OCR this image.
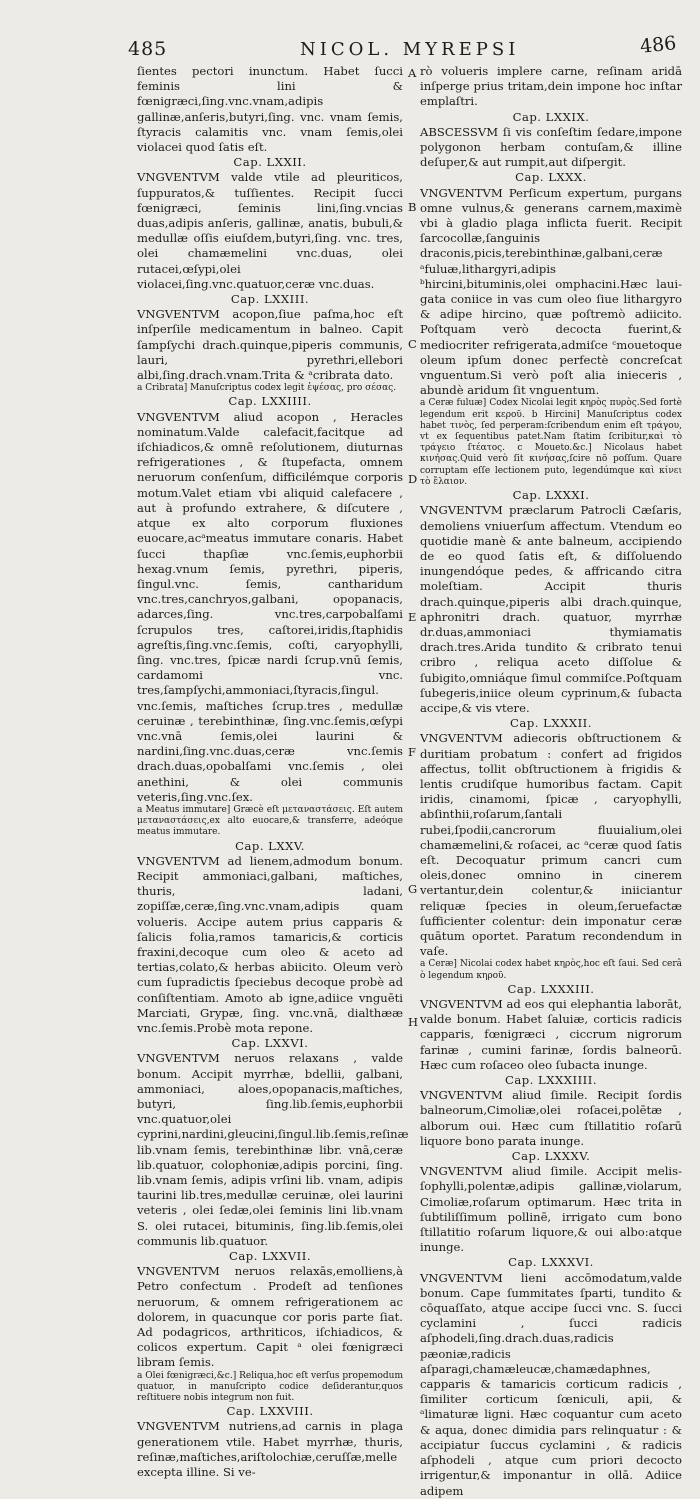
485	NICOL. MYREPSI	486

ſientes pectori inunctum. Habet ſucci feminis lini & fœnigræci,ſing.vnc.vnam,adipis gallinæ,anſeris,butyri,ſing. vnc. vnam ſemis, ſtyracis calamitis vnc. vnam ſemis,olei violacei quod ſatis eſt.

Cap. LXXII.

VNGVENTVM valde vtile ad pleuriticos, ſuppuratos,& tuſſientes. Recipit ſucci fœnigræci, ſeminis lini,ſing.vncias duas,adipis anſeris, gallinæ, anatis, bubuli,& medullæ oſſis eiuſdem,butyri,ſing. vnc. tres, olei chamæmelini vnc.duas, olei rutacei,œſypi,olei violacei,ſing.vnc.quatuor,ceræ vnc.duas.

Cap. LXXIII.

VNGVENTVM acopon,ſiue paſma,hoc eſt inſperſile medicamentum in balneo. Capit ſampſychi drach.quinque,piperis communis, lauri, pyrethri,ellebori albi,ſing.drach.vnam.Trita & ᵃcribrata dato.

a Cribrata] Manuſcriptus codex legit ἑψέσας, pro σέσας.

Cap. LXXIIII.

VNGVENTVM aliud acopon , Heracles nominatum.Valde calefacit,facitque ad iſchiadicos,& omnē reſolutionem, diuturnas refrigerationes , & ſtupefacta, omnem neruorum conſenſum, difficilémque corporis motum.Valet etiam vbi aliquid calefacere , aut à profundo extrahere, & diſcutere , atque ex alto corporum fluxiones euocare,acᵃmeatus immutare conaris. Habet ſucci thapſiæ vnc.ſemis,euphorbii hexag.vnum ſemis, pyrethri, piperis, ſingul.vnc. ſemis, cantharidum vnc.tres,canchryos,galbani, opopanacis, adarces,ſing. vnc.tres,carpobalſami ſcrupulos tres, caſtorei,iridis,ſtaphidis agreſtis,ſing.vnc.ſemis, coſti, caryophylli, ſing. vnc.tres, ſpicæ nardi ſcrup.vnū ſemis, cardamomi vnc. tres,ſampſychi,ammoniaci,ſtyracis,ſingul. vnc.ſemis, maſtiches ſcrup.tres , medullæ ceruinæ , terebinthinæ, ſing.vnc.ſemis,œſypi vnc.vnā ſemis,olei laurini & nardini,ſing.vnc.duas,ceræ vnc.ſemis drach.duas,opobalſami vnc.ſemis , olei anethini, & olei communis veteris,ſing.vnc.ſex.

a Meatus immutare] Græcè eſt μεταναστάσεις. Eſt autem μεταναστάσεις,ex alto euocare,& transferre, adeóque meatus immutare.

Cap. LXXV.

VNGVENTVM ad lienem,admodum bonum. Recipit ammoniaci,galbani, maſtiches, thuris, ladani, zopiſſæ,ceræ,ſing.vnc.vnam,adipis quam volueris. Accipe autem prius capparis & ſalicis folia,ramos tamaricis,& corticis fraxini,decoque cum oleo & aceto ad tertias,colato,& herbas abiicito. Oleum verò cum ſupradictis ſpeciebus decoque probè ad conſiſtentiam. Amoto ab igne,adiice vnguēti Marciati, Grypæ, ſing. vnc.vnā, dialthææ vnc.ſemis.Probè mota repone.

Cap. LXXVI.

VNGVENTVM neruos relaxans , valde bonum. Accipit myrrhæ, bdellii, galbani, ammoniaci, aloes,opopanacis,maſtiches, butyri, ſing.lib.ſemis,euphorbii vnc.quatuor,olei cyprini,nardini,gleucini,ſingul.lib.ſemis,reſinæ lib.vnam ſemis, terebinthinæ libr. vnā,ceræ lib.quatuor, colophoniæ,adipis porcini, ſing. lib.vnam ſemis, adipis vrſini lib. vnam, adipis taurini lib.tres,medullæ ceruinæ, olei laurini veteris , olei ſedæ,olei ſeminis lini lib.vnam S. olei rutacei, bituminis, ſing.lib.ſemis,olei communis lib.quatuor.

Cap. LXXVII.

VNGVENTVM neruos relaxās,emolliens,à Petro confectum . Prodeſt ad tenſiones neruorum, & omnem refrigerationem ac dolorem, in quacunque cor poris parte ſiat. Ad podagricos, arthriticos, iſchiadicos, & colicos expertum. Capit ᵃ olei fœnigræci libram ſemis.

a Olei fœnigræci,&c.] Reliqua,hoc eſt verſus propemodum quatuor, in manuſcripto codice deſiderantur,quos reſtituere nobis integrum non fuit.

Cap. LXXVIII.

VNGVENTVM nutriens,ad carnis in plaga generationem vtile. Habet myrrhæ, thuris, reſinæ,maſtiches,ariſtolochiæ,ceruſſæ,melle excepta illine. Si ve-

rò volueris implere carne, reſinam aridā inſperge prius tritam,dein impone hoc inſtar emplaſtri.

Cap. LXXIX.

ABSCESSVM ſi vis conſeſtim ſedare,impone polygonon herbam contuſam,& illine deſuper,& aut rumpit,aut diſpergit.

Cap. LXXX.

VNGVENTVM Perſicum expertum, purgans omne vulnus,& generans carnem,maximè vbi à gladio plaga inflicta fuerit. Recipit ſarcocollæ,ſanguinis draconis,picis,terebinthinæ,galbani,ceræ ᵃfuluæ,lithargyri,adipis ᵇhircini,bituminis,olei omphacini.Hæc laui-gata coniice in vas cum oleo ſiue lithargyro & adipe hircino, quæ poſtremò adiicito. Poſtquam verò decocta fuerint,& mediocriter refrigerata,admiſce ᶜmouetoque oleum ipſum donec perfectè concreſcat vnguentum.Si verò poſt alia inieceris , abundè aridum ſit vnguentum.

a Ceræ fuluæ] Codex Nicolai legit κηρὸς πυρὸς.Sed fortè legendum erit κεροῦ. b Hircini] Manuſcriptus codex habet τινὸς, ſed perperam:ſcribendum enim eſt τράγου, vt ex ſequentibus patet.Nam ſtatim ſcribitur,καὶ τὸ τράγειο ſτέατος. c Moueto.&c.] Nicolaus habet κινήσας.Quid verò ſit κινήσας,ſcire nō poſſum. Quare corruptam eſſe lectionem puto, legendúmque καὶ κίνει τὸ ἔλαιον.

Cap. LXXXI.

VNGVENTVM præclarum Patrocli Cæſaris, demoliens vniuerſum affectum. Vtendum eo quotidie manè & ante balneum, accipiendo de eo quod ſatis eſt, & diſſoluendo inungendóque pedes, & affricando citra moleſtiam. Accipit thuris drach.quinque,piperis albi drach.quinque, aphronitri drach. quatuor, myrrhæ dr.duas,ammoniaci thymiamatis drach.tres.Arida tundito & cribrato tenui cribro , reliqua aceto diſſolue & ſubigito,omniáque ſimul commiſce.Poſtquam ſubegeris,iniice oleum cyprinum,& ſubacta accipe,& vis vtere.

Cap. LXXXII.

VNGVENTVM adiecoris obſtructionem & duritiam probatum : confert ad frigidos affectus, tollit obſtructionem à frigidis & lentis crudiſque humoribus factam. Capit iridis, cinamomi, ſpicæ , caryophylli, abſinthii,roſarum,ſantali rubei,ſpodii,cancrorum fluuialium,olei chamæmelini,& roſacei, ac ᵃceræ quod ſatis eſt. Decoquatur primum cancri cum oleis,donec omnino in cinerem vertantur,dein colentur,& iniiciantur reliquæ ſpecies in oleum,ſeruefactæ ſufficienter colentur: dein imponatur ceræ quātum oportet. Paratum recondendum in vaſe.

a Ceræ] Nicolai codex habet κηρὸς,hoc eſt ſaui. Sed cerâ ò legendum κηροῦ.

Cap. LXXXIII.

VNGVENTVM ad eos qui elephantia laborāt, valde bonum. Habet ſaluiæ, corticis radicis capparis, fœnigræci , ciccrum nigrorum farinæ , cumini farinæ, ſordis balneorū. Hæc cum roſaceo oleo ſubacta inunge.

Cap. LXXXIIII.

VNGVENTVM aliud ſimile. Recipit ſordis balneorum,Cimoliæ,olei roſacei,polētæ , alborum oui. Hæc cum ſtillatitio roſarū liquore bono parata inunge.

Cap. LXXXV.

VNGVENTVM aliud ſimile. Accipit melis-ſophylli,polentæ,adipis gallinæ,violarum, Cimoliæ,roſarum optimarum. Hæc trita in ſubtiliſſimum pollinē, irrigato cum bono ſtillatitio roſarum liquore,& oui albo:atque inunge.

Cap. LXXXVI.

VNGVENTVM lieni accōmodatum,valde bonum. Cape ſummitates ſparti, tundito & cōquaſſato, atque accipe ſucci vnc. S. ſucci cyclamini , ſucci radicis aſphodeli,ſing.drach.duas,radicis pæoniæ,radicis aſparagi,chamæleucæ,chamædaphnes, capparis & tamaricis corticum radicis , ſimiliter corticum ſœniculi, apii, & ᵃlimaturæ ligni. Hæc coquantur cum aceto & aqua, donec dimidia pars relinquatur : & accipiatur ſuccus cyclamini , & radicis aſphodeli , atque cum priori decocto irrigentur,& imponantur in ollā. Adiice adipem

A
B
C
D
E
F
G
H
